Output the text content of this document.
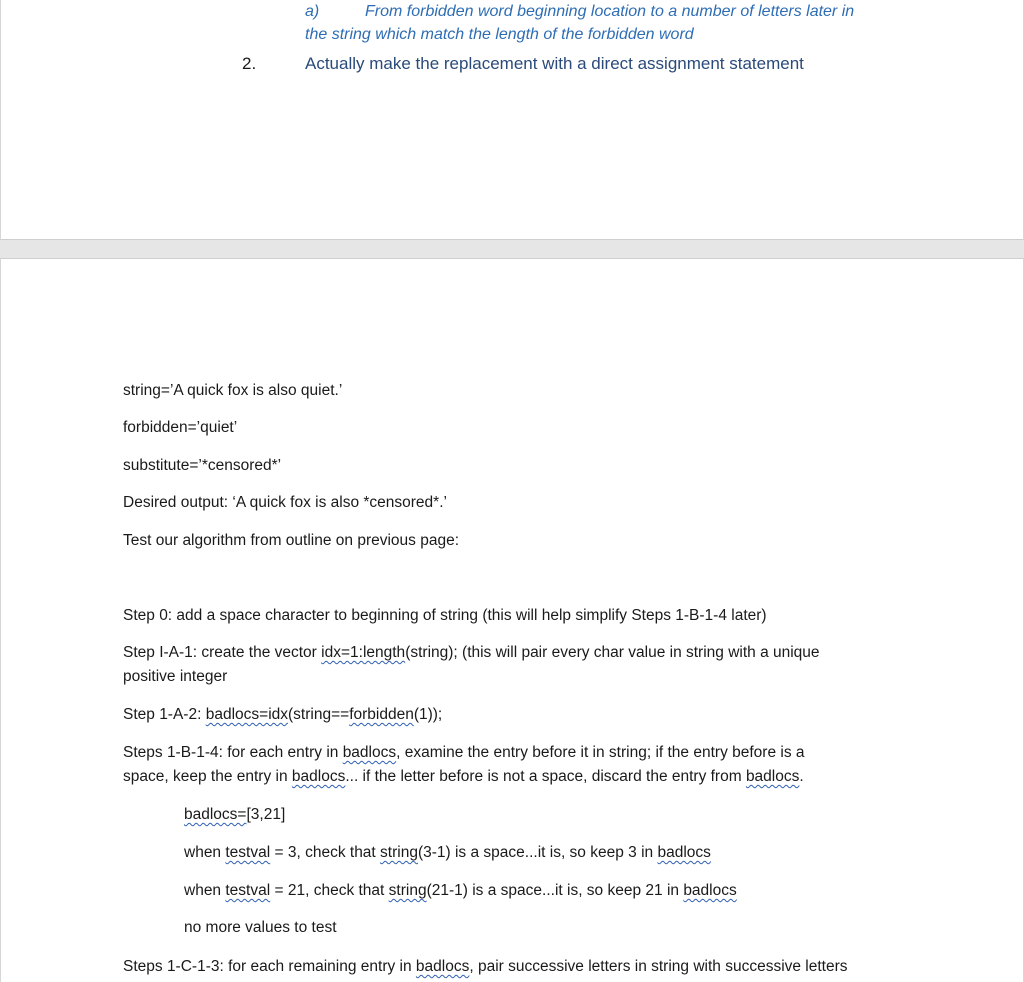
a)	From forbidden word beginning location to a number of letters later in
the string which match the length of the forbidden word
2.	Actually make the replacement with a direct assignment statement
string=’A quick fox is also quiet.’
forbidden=’quiet’
substitute=’*censored*’
Desired output: ‘A quick fox is also *censored*.’
Test our algorithm from outline on previous page:
Step 0: add a space character to beginning of string (this will help simplify Steps 1-B-1-4 later)
Step I-A-1: create the vector idx=1:length(string); (this will pair every char value in string with a unique
positive integer
Step 1-A-2: badlocs=idx(string==forbidden(1));
Steps 1-B-1-4: for each entry in badlocs, examine the entry before it in string; if the entry before is a
space, keep the entry in badlocs... if the letter before is not a space, discard the entry from badlocs.
badlocs=[3,21]
when testval = 3, check that string(3-1) is a space...it is, so keep 3 in badlocs
when testval = 21, check that string(21-1) is a space...it is, so keep 21 in badlocs
no more values to test
Steps 1-C-1-3: for each remaining entry in badlocs, pair successive letters in string with successive letters
